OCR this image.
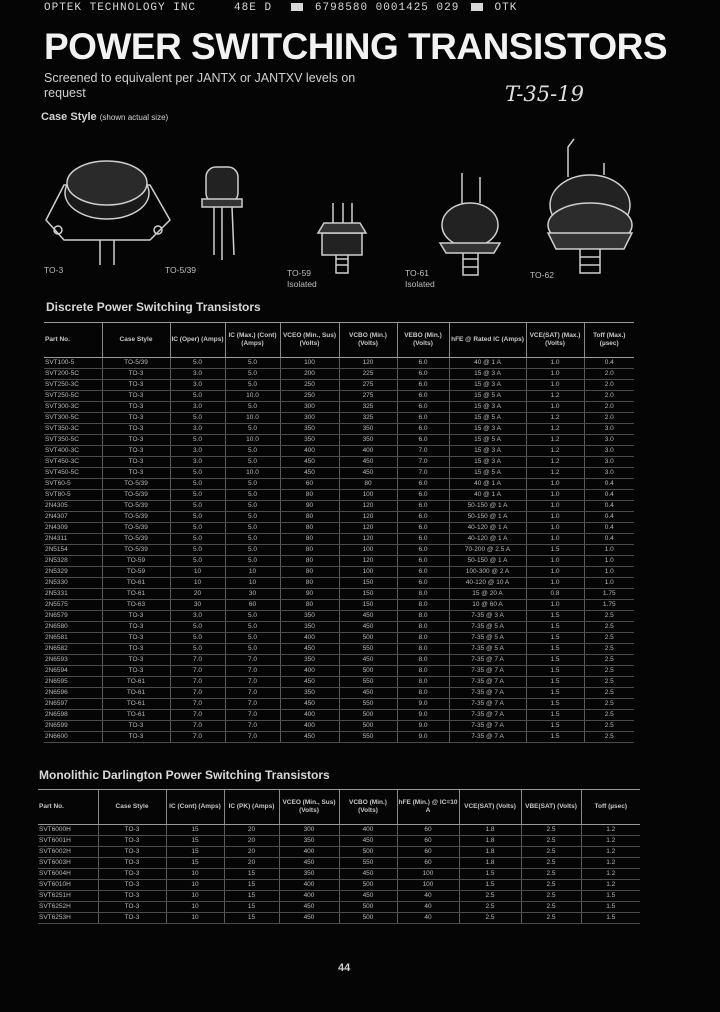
OPTEK TECHNOLOGY INC	48E D	6798580 0001425 029	OTK
POWER SWITCHING TRANSISTORS
Screened to equivalent per JANTX or JANTXV levels on request	T-35-19
Case Style (shown actual size)
TO-3	TO-5/39	TO-59
Isolated
TO-61
Isolated
TO-62
Discrete Power Switching Transistors
Part No.	Case Style	IC (Oper) (Amps)	IC (Max.) (Cont) (Amps)	VCEO (Min., Sus) (Volts)	VCBO (Min.) (Volts)	VEBO (Min.) (Volts)	hFE @ Rated IC (Amps)	VCE(SAT) (Max.) (Volts)	Toff (Max.) (µsec)
SVT100-5	TO-5/39	5.0	5.0	100	120	6.0	40 @ 1 A	1.0	0.4
SVT200-5C	TO-3	3.0	5.0	200	225	6.0	15 @ 3 A	1.0	2.0
SVT250-3C	TO-3	3.0	5.0	250	275	6.0	15 @ 3 A	1.0	2.0
SVT250-5C	TO-3	5.0	10.0	250	275	6.0	15 @ 5 A	1.2	2.0
SVT300-3C	TO-3	3.0	5.0	300	325	6.0	15 @ 3 A	1.0	2.0
SVT300-5C	TO-3	5.0	10.0	300	325	6.0	15 @ 5 A	1.2	2.0
SVT350-3C	TO-3	3.0	5.0	350	350	6.0	15 @ 3 A	1.2	3.0
SVT350-5C	TO-3	5.0	10.0	350	350	6.0	15 @ 5 A	1.2	3.0
SVT400-3C	TO-3	3.0	5.0	400	400	7.0	15 @ 3 A	1.2	3.0
SVT450-3C	TO-3	3.0	5.0	450	450	7.0	15 @ 3 A	1.2	3.0
SVT450-5C	TO-3	5.0	10.0	450	450	7.0	15 @ 5 A	1.2	3.0
SVT60-5	TO-5/39	5.0	5.0	60	80	6.0	40 @ 1 A	1.0	0.4
SVT80-5	TO-5/39	5.0	5.0	80	100	6.0	40 @ 1 A	1.0	0.4
2N4305	TO-5/39	5.0	5.0	90	120	6.0	50-150 @ 1 A	1.0	0.4
2N4307	TO-5/39	5.0	5.0	80	120	6.0	50-150 @ 1 A	1.0	0.4
2N4309	TO-5/39	5.0	5.0	80	120	6.0	40-120 @ 1 A	1.0	0.4
2N4311	TO-5/39	5.0	5.0	80	120	6.0	40-120 @ 1 A	1.0	0.4
2N5154	TO-5/39	5.0	5.0	80	100	6.0	70-200 @ 2.5 A	1.5	1.0
2N5328	TO-59	5.0	5.0	80	120	6.0	50-150 @ 1 A	1.0	1.0
2N5329	TO-59	10	10	80	100	6.0	100-300 @ 2 A	1.0	1.0
2N5330	TO-61	10	10	80	150	6.0	40-120 @ 10 A	1.0	1.0
2N5331	TO-61	20	30	90	150	8.0	15 @ 20 A	0.8	1.75
2N5575	TO-63	30	60	80	150	8.0	10 @ 60 A	1.0	1.75
2N6579	TO-3	3.0	5.0	350	450	8.0	7-35 @ 3 A	1.5	2.5
2N6580	TO-3	5.0	5.0	350	450	8.0	7-35 @ 5 A	1.5	2.5
2N6581	TO-3	5.0	5.0	400	500	8.0	7-35 @ 5 A	1.5	2.5
2N6582	TO-3	5.0	5.0	450	550	8.0	7-35 @ 5 A	1.5	2.5
2N6593	TO-3	7.0	7.0	350	450	8.0	7-35 @ 7 A	1.5	2.5
2N6594	TO-3	7.0	7.0	400	500	8.0	7-35 @ 7 A	1.5	2.5
2N6595	TO-61	7.0	7.0	450	550	8.0	7-35 @ 7 A	1.5	2.5
2N6596	TO-61	7.0	7.0	350	450	8.0	7-35 @ 7 A	1.5	2.5
2N6597	TO-61	7.0	7.0	450	550	9.0	7-35 @ 7 A	1.5	2.5
2N6598	TO-61	7.0	7.0	400	500	9.0	7-35 @ 7 A	1.5	2.5
2N6599	TO-3	7.0	7.0	400	500	9.0	7-35 @ 7 A	1.5	2.5
2N6600	TO-3	7.0	7.0	450	550	9.0	7-35 @ 7 A	1.5	2.5
Monolithic Darlington Power Switching Transistors
Part No.	Case Style	IC (Cont) (Amps)	IC (PK) (Amps)	VCEO (Min., Sus) (Volts)	VCBO (Min.) (Volts)	hFE (Min.) @ IC=10 A	VCE(SAT) (Volts)	VBE(SAT) (Volts)	Toff (µsec)
SVT6000H	TO-3	15	20	300	400	60	1.8	2.5	1.2
SVT6001H	TO-3	15	20	350	450	60	1.8	2.5	1.2
SVT6002H	TO-3	15	20	400	500	60	1.8	2.5	1.2
SVT6003H	TO-3	15	20	450	550	60	1.8	2.5	1.2
SVT6004H	TO-3	10	15	350	450	100	1.5	2.5	1.2
SVT6010H	TO-3	10	15	400	500	100	1.5	2.5	1.2
SVT6251H	TO-3	10	15	400	450	40	2.5	2.5	1.5
SVT6252H	TO-3	10	15	450	500	40	2.5	2.5	1.5
SVT6253H	TO-3	10	15	450	500	40	2.5	2.5	1.5
44
